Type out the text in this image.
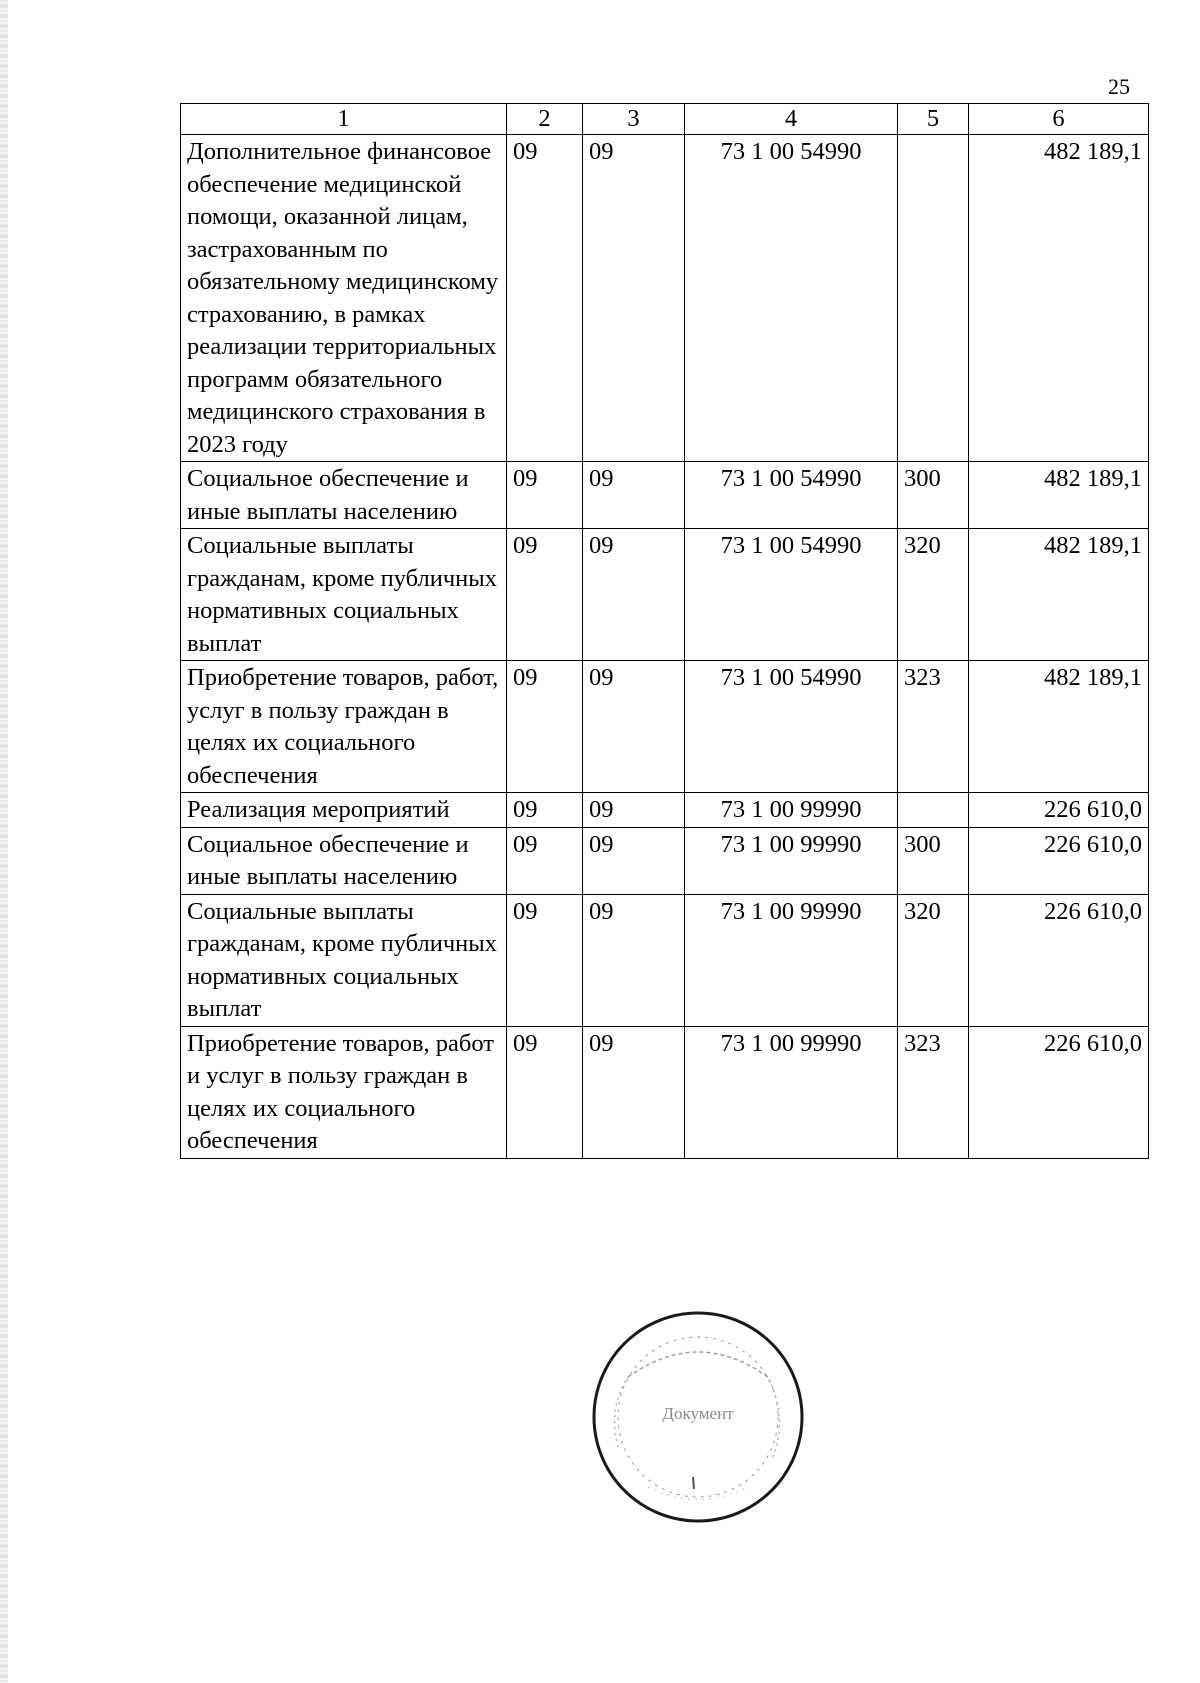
25
1	2	3	4	5	6
Дополнительное финансовое обеспечение медицинской помощи, оказанной лицам, застрахованным по обязательному медицинскому страхованию, в рамках реализации территориальных программ обязательного медицинского страхования в 2023 году	09	09	73 1 00 54990		482 189,1
Социальное обеспечение и иные выплаты населению	09	09	73 1 00 54990	300	482 189,1
Социальные выплаты гражданам, кроме публичных нормативных социальных выплат	09	09	73 1 00 54990	320	482 189,1
Приобретение товаров, работ, услуг в пользу граждан в целях их социального обеспечения	09	09	73 1 00 54990	323	482 189,1
Реализация мероприятий	09	09	73 1 00 99990		226 610,0
Социальное обеспечение и иные выплаты населению	09	09	73 1 00 99990	300	226 610,0
Социальные выплаты гражданам, кроме публичных нормативных социальных выплат	09	09	73 1 00 99990	320	226 610,0
Приобретение товаров, работ и услуг в пользу граждан в целях их социального обеспечения	09	09	73 1 00 99990	323	226 610,0
Документ
